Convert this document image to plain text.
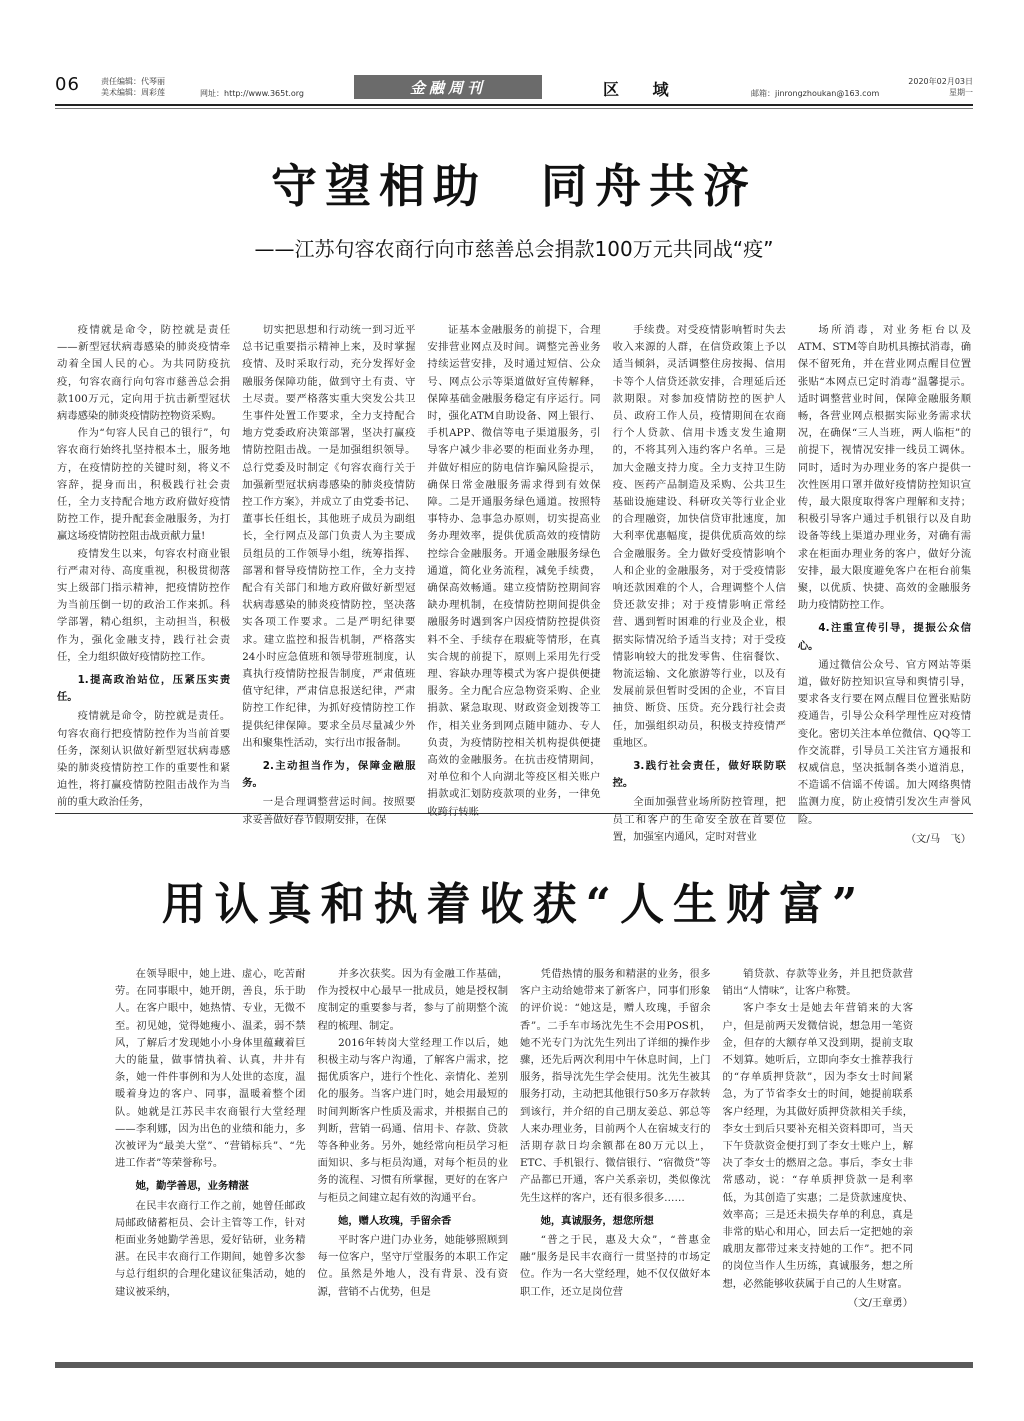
06	责任编辑：代琴丽
美术编辑：周彩莲	网址：http://www.365t.org	金融周刊	区 域	邮箱：jinrongzhoukan@163.com
2020年02月03日
星期一
守望相助　同舟共济
——江苏句容农商行向市慈善总会捐款100万元共同战“疫”

疫情就是命令，防控就是责任——新型冠状病毒感染的肺炎疫情牵动着全国人民的心。为共同防疫抗疫，句容农商行向句容市慈善总会捐款100万元，定向用于抗击新型冠状病毒感染的肺炎疫情防控物资采购。

作为“句容人民自己的银行”，句容农商行始终扎坚持根本土，服务地方，在疫情防控的关键时刻，将义不容辞，提身而出，积极践行社会责任，全力支持配合地方政府做好疫情防控工作，提升配套金融服务，为打赢这场疫情防控阻击战贡献力量!

疫情发生以来，句容农村商业银行严肃对待、高度重视，积极贯彻落实上级部门指示精神，把疫情防控作为当前压倒一切的政治工作来抓。科学部署，精心组织，主动担当，积极作为，强化金融支持，践行社会责任，全力组织做好疫情防控工作。

1.提高政治站位，压紧压实责任。

疫情就是命令，防控就是责任。句容农商行把疫情防控作为当前首要任务，深刻认识做好新型冠状病毒感染的肺炎疫情防控工作的重要性和紧迫性，将打赢疫情防控阻击战作为当前的重大政治任务，

切实把思想和行动统一到习近平总书记重要指示精神上来，及时掌握疫情、及时采取行动，充分发挥好金融服务保障功能，做到守土有责、守土尽责。要严格落实重大突发公共卫生事件处置工作要求，全力支持配合地方党委政府决策部署，坚决打赢疫情防控阻击战。一是加强组织领导。总行党委及时制定《句容农商行关于加强新型冠状病毒感染的肺炎疫情防控工作方案》，并成立了由党委书记、董事长任组长，其他班子成员为副组长，全行网点及部门负责人为主要成员组员的工作领导小组，统筹指挥、部署和督导疫情防控工作，全力支持配合有关部门和地方政府做好新型冠状病毒感染的肺炎疫情防控，坚决落实各项工作要求。二是严明纪律要求。建立监控和报告机制，严格落实24小时应急值班和领导带班制度，认真执行疫情防控报告制度，严肃值班值守纪律，严肃信息报送纪律，严肃防控工作纪律，为抓好疫情防控工作提供纪律保障。要求全员尽量减少外出和聚集性活动，实行出市报备制。

2.主动担当作为，保障金融服务。

一是合理调整营运时间。按照要求妥善做好春节假期安排，在保

证基本金融服务的前提下，合理安排营业网点及时间。调整完善业务持续运营安排，及时通过短信、公众号、网点公示等渠道做好宣传解释，保障基础金融服务稳定有序运行。同时，强化ATM自助设备、网上银行、手机APP、微信等电子渠道服务，引导客户减少非必要的柜面业务办理，并做好相应的防电信诈骗风险提示，确保日常金融服务需求得到有效保障。二是开通服务绿色通道。按照特事特办、急事急办原则，切实提高业务办理效率，提供优质高效的疫情防控综合金融服务。开通金融服务绿色通道，简化业务流程，减免手续费，确保高效畅通。建立疫情防控期间容缺办理机制，在疫情防控期间提供金融服务时遇到客户因疫情防控提供资料不全、手续存在瑕疵等情形，在真实合规的前提下，原则上采用先行受理、容缺办理等模式为客户提供便捷服务。全力配合应急物资采购、企业捐款、紧急取现、财政资金划拨等工作，相关业务到网点随申随办、专人负责，为疫情防控相关机构提供便捷高效的金融服务。在抗击疫情期间，对单位和个人向湖北等疫区相关账户捐款或汇划防疫款项的业务，一律免收跨行转账

手续费。对受疫情影响暂时失去收入来源的人群，在信贷政策上予以适当倾斜，灵活调整住房按揭、信用卡等个人信贷还款安排，合理延后还款期限。对参加疫情防控的医护人员、政府工作人员，疫情期间在农商行个人贷款、信用卡透支发生逾期的，不将其列入违约客户名单。三是加大金融支持力度。全力支持卫生防疫、医药产品制造及采购、公共卫生基础设施建设、科研攻关等行业企业的合理融资，加快信贷审批速度，加大利率优惠幅度，提供优质高效的综合金融服务。全力做好受疫情影响个人和企业的金融服务，对于受疫情影响还款困难的个人，合理调整个人信贷还款安排；对于疫情影响正常经营、遇到暂时困难的行业及企业，根据实际情况给予适当支持；对于受疫情影响较大的批发零售、住宿餐饮、物流运输、文化旅游等行业，以及有发展前景但暂时受困的企业，不盲目抽贷、断贷、压贷。充分践行社会责任，加强组织动员，积极支持疫情严重地区。

3.践行社会责任，做好联防联控。

全面加强营业场所防控管理，把员工和客户的生命安全放在首要位置，加强室内通风，定时对营业

场所消毒，对业务柜台以及ATM、STM等自助机具擦拭消毒，确保不留死角，并在营业网点醒目位置张贴“本网点已定时消毒”温馨提示。适时调整营业时间，保障金融服务顺畅，各营业网点根据实际业务需求状况，在确保“三人当班，两人临柜”的前提下，视情况安排一线员工调休。同时，适时为办理业务的客户提供一次性医用口罩并做好疫情防控知识宣传，最大限度取得客户理解和支持；积极引导客户通过手机银行以及自助设备等线上渠道办理业务，对确有需求在柜面办理业务的客户，做好分流安排，最大限度避免客户在柜台前集聚，以优质、快捷、高效的金融服务助力疫情防控工作。

4.注重宣传引导，提振公众信心。

通过微信公众号、官方网站等渠道，做好防控知识宣导和舆情引导，要求各支行要在网点醒目位置张贴防疫通告，引导公众科学理性应对疫情变化。密切关注本单位微信、QQ等工作交流群，引导员工关注官方通报和权威信息，坚决抵制各类小道消息，不造谣不信谣不传谣。加大网络舆情监测力度，防止疫情引发次生声誉风险。

（文/马　飞）

用认真和执着收获“人生财富”

在领导眼中，她上进、虚心，吃苦耐劳。在同事眼中，她开朗，善良，乐于助人。在客户眼中，她热情、专业，无微不至。初见她，觉得她瘦小、温柔，弱不禁风，了解后才发现她小小身体里蕴藏着巨大的能量，做事情执着、认真，井井有条，她一件件事例和为人处世的态度，温暖着身边的客户、同事，温暖着整个团队。她就是江苏民丰农商银行大堂经理——李利娜，因为出色的业绩和能力，多次被评为“最美大堂”、“营销标兵”、“先进工作者”等荣誉称号。

她，勤学善思，业务精湛

在民丰农商行工作之前，她曾任邮政局邮政储蓄柜员、会计主管等工作，针对柜面业务她勤学善思，爱好钻研，业务精湛。在民丰农商行工作期间，她曾多次参与总行组织的合理化建议征集活动，她的建议被采纳，

并多次获奖。因为有金融工作基础，作为授权中心最早一批成员，她是授权制度制定的重要参与者，参与了前期整个流程的梳理、制定。

2016年转岗大堂经理工作以后，她积极主动与客户沟通，了解客户需求，挖掘优质客户，进行个性化、亲情化、差别化的服务。当客户进门时，她会用最短的时间判断客户性质及需求，并根据自己的判断，营销一码通、信用卡、存款、贷款等各种业务。另外，她经常向柜员学习柜面知识、多与柜员沟通，对每个柜员的业务的流程、习惯有所掌握，更好的在客户与柜员之间建立起有效的沟通平台。

她，赠人玫瑰，手留余香

平时客户进门办业务，她能够照顾到每一位客户，坚守厅堂服务的本职工作定位。虽然是外地人，没有背景、没有资源，营销不占优势，但是

凭借热情的服务和精湛的业务，很多客户主动给她带来了新客户，同事们形象的评价说：“她这是，赠人玫瑰，手留余香”。二手车市场沈先生不会用POS机，她不光专门为沈先生列出了详细的操作步骤，还先后两次利用中午休息时间，上门服务，指导沈先生学会使用。沈先生被其服务打动，主动把其他银行50多万存款转到该行，并介绍的自己朋友姜总、郭总等人来办理业务，目前两个人在宿城支行的活期存款日均余额都在80万元以上，ETC、手机银行、微信银行、“宿微贷”等产品都已开通，客户关系亲切，类似像沈先生这样的客户，还有很多很多……

她，真诚服务，想您所想

“普之于民，惠及大众”，“普惠金融”服务是民丰农商行一贯坚持的市场定位。作为一名大堂经理，她不仅仅做好本职工作，还立足岗位营

销贷款、存款等业务，并且把贷款营销出“人情味”，让客户称赞。

客户李女士是她去年营销来的大客户，但是前两天发微信说，想急用一笔资金，但存的大额存单又没到期，提前支取不划算。她听后，立即向李女士推荐我行的“存单质押贷款”，因为李女士时间紧急，为了节省李女士的时间，她提前联系客户经理，为其做好质押贷款相关手续，李女士到后只要补充相关资料即可，当天下午贷款资金便打到了李女士账户上，解决了李女士的燃眉之急。事后，李女士非常感动，说：“存单质押贷款一是利率低，为其创造了实惠；二是贷款速度快、效率高；三是还未损失存单的利息，真是非常的贴心和用心，回去后一定把她的亲戚朋友都带过来支持她的工作”。把不同的岗位当作人生历练，真诚服务，想之所想，必然能够收获属于自己的人生财富。

（文/王章勇）
